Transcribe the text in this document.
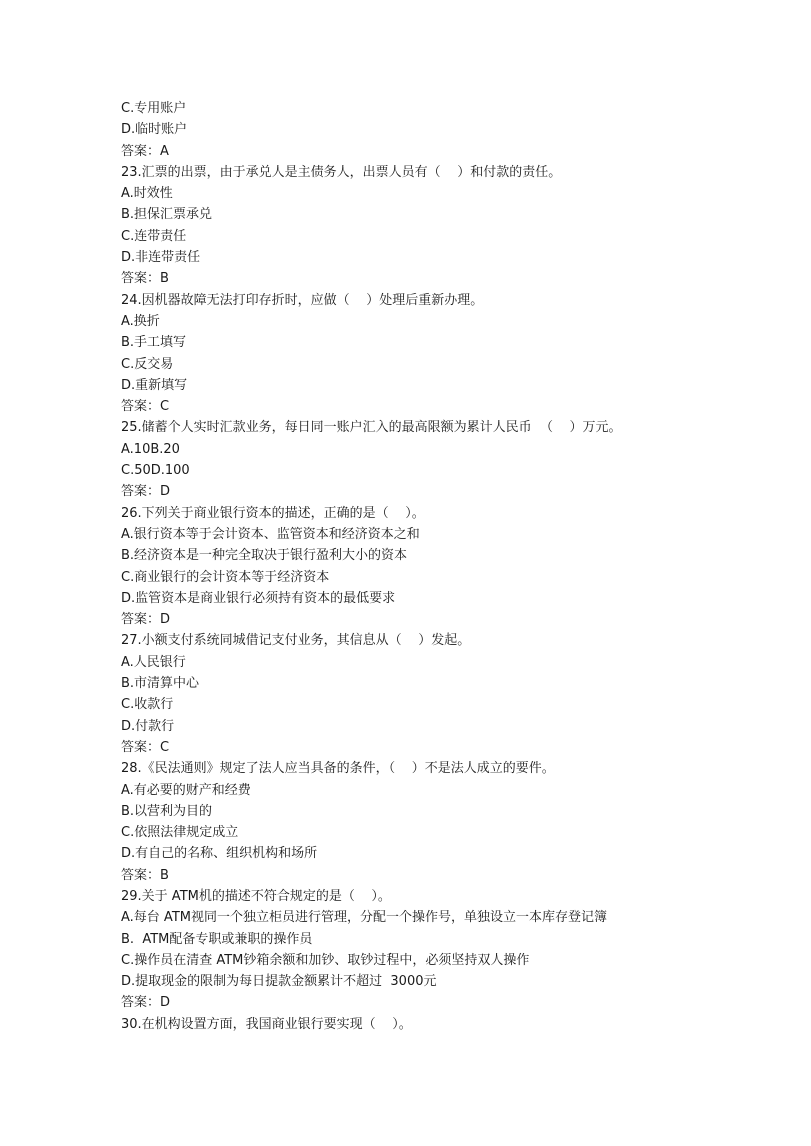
C.专用账户
D.临时账户
答案：A
23.汇票的出票，由于承兑人是主债务人，出票人员有（    ）和付款的责任。
A.时效性
B.担保汇票承兑
C.连带责任
D.非连带责任
答案：B
24.因机器故障无法打印存折时，应做（    ）处理后重新办理。
A.换折
B.手工填写
C.反交易
D.重新填写
答案：C
25.储蓄个人实时汇款业务，每日同一账户汇入的最高限额为累计人民币  （    ）万元。
A.10B.20
C.50D.100
答案：D
26.下列关于商业银行资本的描述，正确的是（    ）。
A.银行资本等于会计资本、监管资本和经济资本之和
B.经济资本是一种完全取决于银行盈利大小的资本
C.商业银行的会计资本等于经济资本
D.监管资本是商业银行必须持有资本的最低要求
答案：D
27.小额支付系统同城借记支付业务，其信息从（    ）发起。
A.人民银行
B.市清算中心
C.收款行
D.付款行
答案：C
28.《民法通则》规定了法人应当具备的条件，（    ）不是法人成立的要件。
A.有必要的财产和经费
B.以营利为目的
C.依照法律规定成立
D.有自己的名称、组织机构和场所
答案：B
29.关于 ATM机的描述不符合规定的是（    ）。
A.每台 ATM视同一个独立柜员进行管理，分配一个操作号，单独设立一本库存登记簿
B.  ATM配备专职或兼职的操作员
C.操作员在清查 ATM钞箱余额和加钞、取钞过程中，必须坚持双人操作
D.提取现金的限制为每日提款金额累计不超过  3000元
答案：D
30.在机构设置方面，我国商业银行要实现（    ）。
